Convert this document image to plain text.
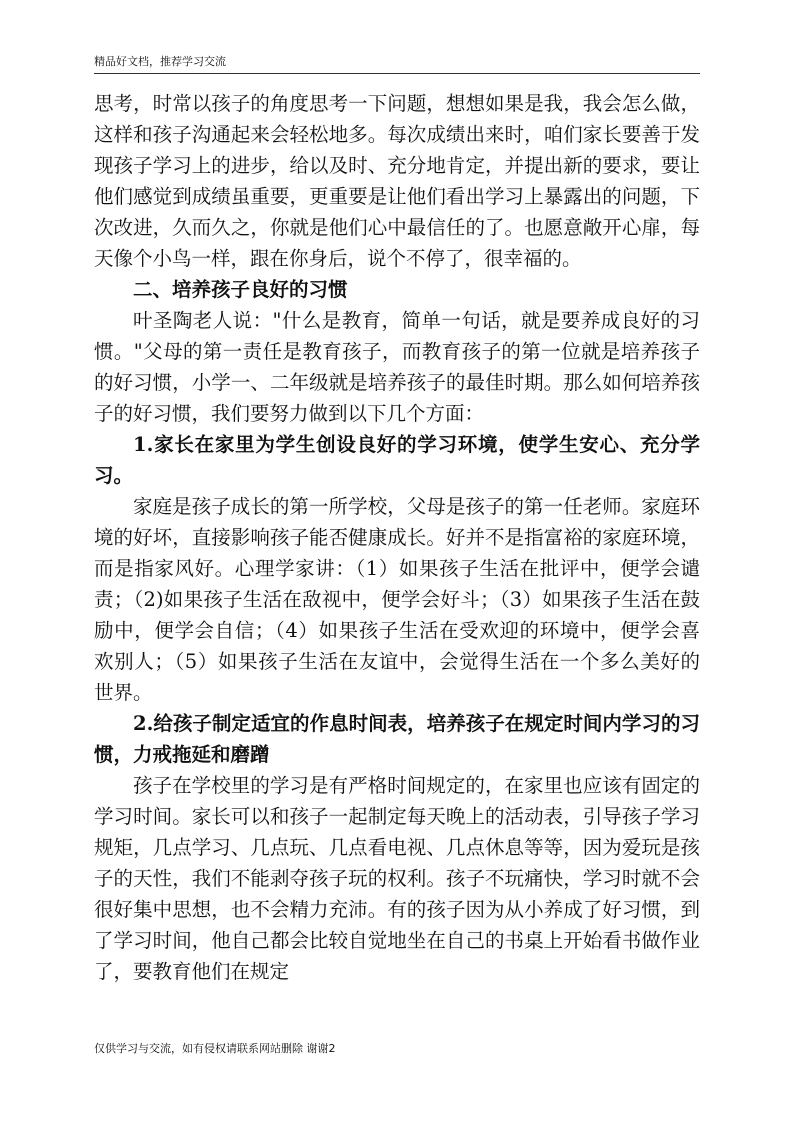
精品好文档，推荐学习交流

思考，时常以孩子的角度思考一下问题，想想如果是我，我会怎么做，这样和孩子沟通起来会轻松地多。每次成绩出来时，咱们家长要善于发现孩子学习上的进步，给以及时、充分地肯定，并提出新的要求，要让他们感觉到成绩虽重要，更重要是让他们看出学习上暴露出的问题，下次改进，久而久之，你就是他们心中最信任的了。也愿意敞开心扉，每天像个小鸟一样，跟在你身后，说个不停了，很幸福的。

二、培养孩子良好的习惯

叶圣陶老人说："什么是教育，简单一句话，就是要养成良好的习惯。"父母的第一责任是教育孩子，而教育孩子的第一位就是培养孩子的好习惯，小学一、二年级就是培养孩子的最佳时期。那么如何培养孩子的好习惯，我们要努力做到以下几个方面：

1.家长在家里为学生创设良好的学习环境，使学生安心、充分学习。

家庭是孩子成长的第一所学校，父母是孩子的第一任老师。家庭环境的好坏，直接影响孩子能否健康成长。好并不是指富裕的家庭环境，而是指家风好。心理学家讲：（1）如果孩子生活在批评中，便学会谴责；（2)如果孩子生活在敌视中，便学会好斗；（3）如果孩子生活在鼓励中，便学会自信；（4）如果孩子生活在受欢迎的环境中，便学会喜欢别人；（5）如果孩子生活在友谊中，会觉得生活在一个多么美好的世界。

2.给孩子制定适宜的作息时间表，培养孩子在规定时间内学习的习惯，力戒拖延和磨蹭

孩子在学校里的学习是有严格时间规定的，在家里也应该有固定的学习时间。家长可以和孩子一起制定每天晚上的活动表，引导孩子学习规矩，几点学习、几点玩、几点看电视、几点休息等等，因为爱玩是孩子的天性，我们不能剥夺孩子玩的权利。孩子不玩痛快，学习时就不会很好集中思想，也不会精力充沛。有的孩子因为从小养成了好习惯，到了学习时间，他自己都会比较自觉地坐在自己的书桌上开始看书做作业了，要教育他们在规定

仅供学习与交流，如有侵权请联系网站删除 谢谢2
